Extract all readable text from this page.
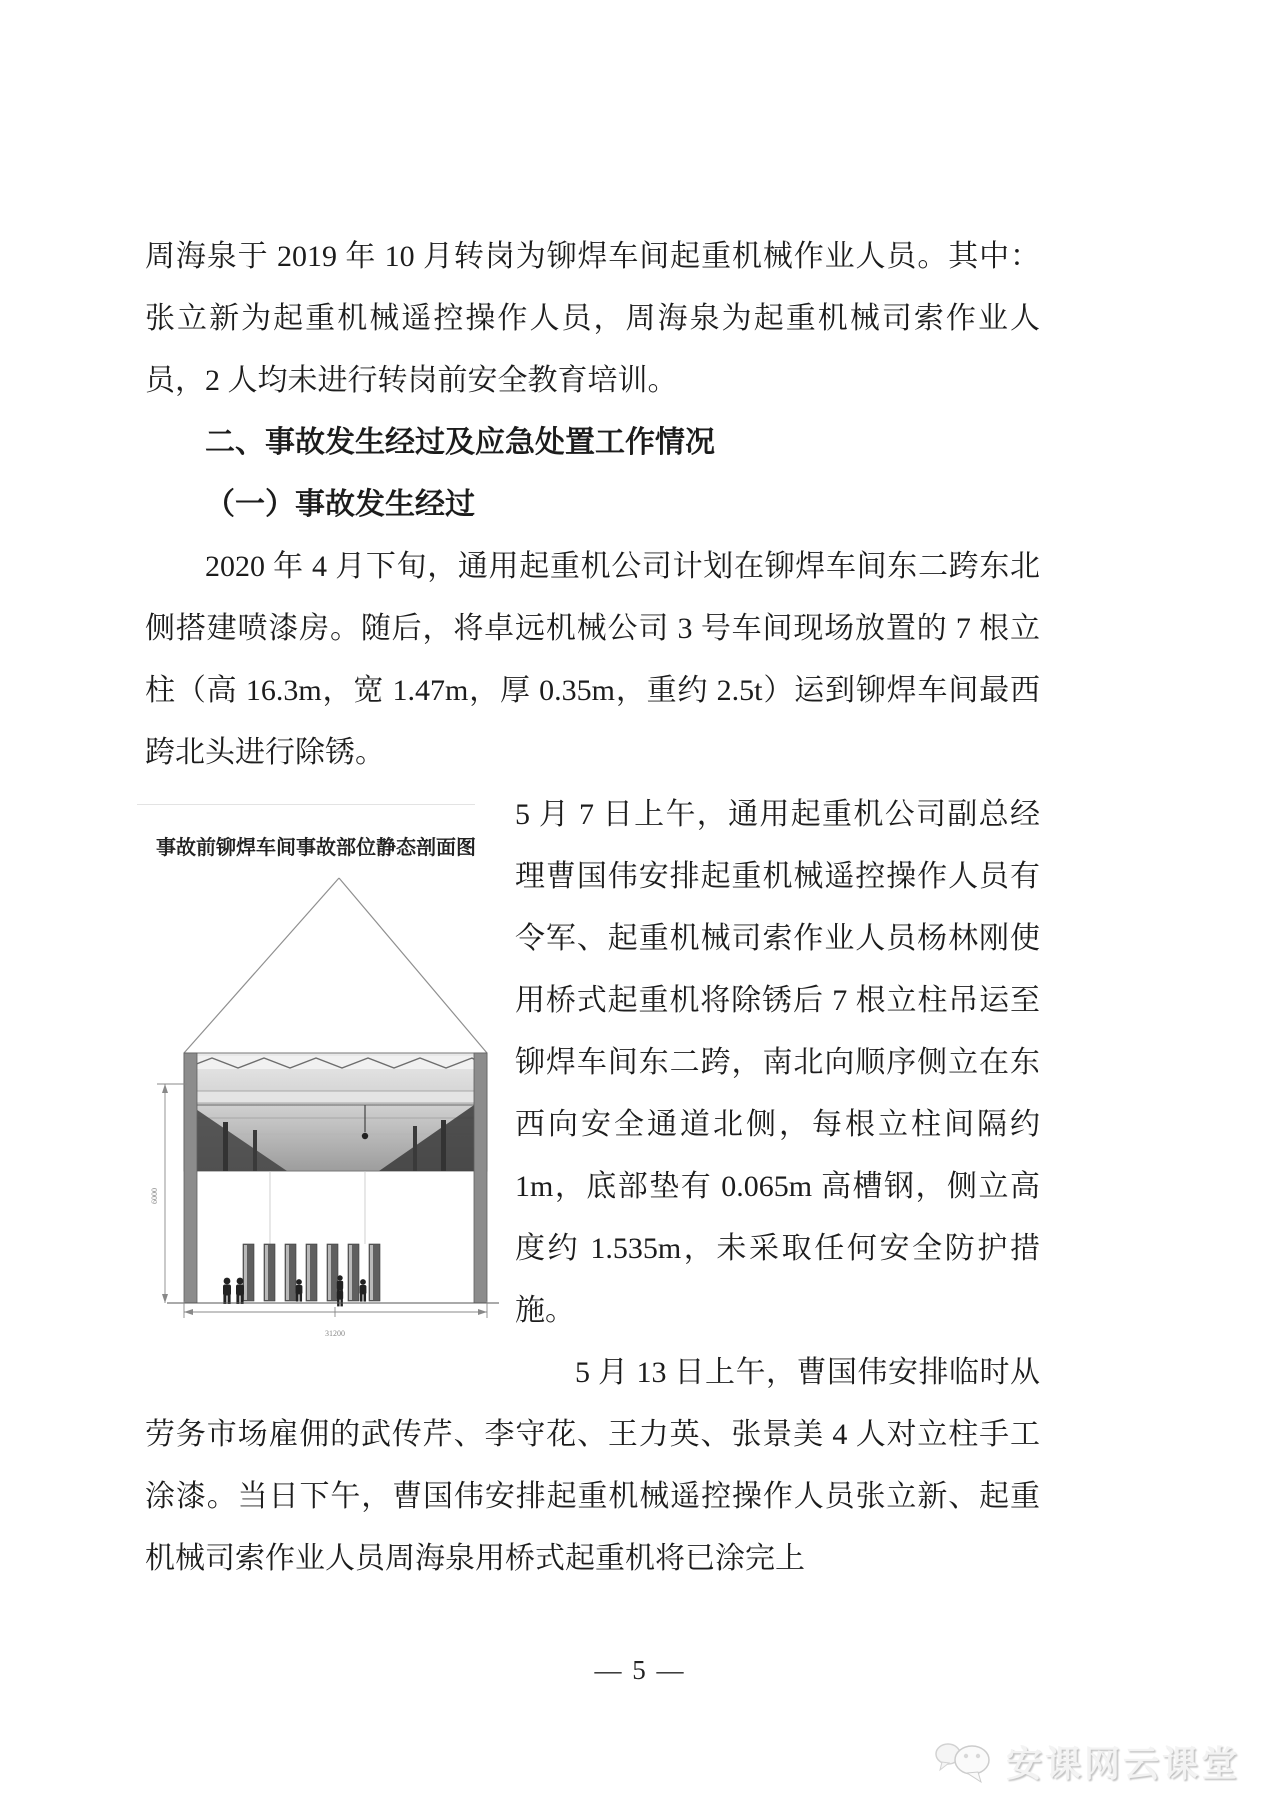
周海泉于 2019 年 10 月转岗为铆焊车间起重机械作业人员。其中：张立新为起重机械遥控操作人员，周海泉为起重机械司索作业人员，2 人均未进行转岗前安全教育培训。

二、事故发生经过及应急处置工作情况

（一）事故发生经过

2020 年 4 月下旬，通用起重机公司计划在铆焊车间东二跨东北侧搭建喷漆房。随后，将卓远机械公司 3 号车间现场放置的 7 根立柱（高 16.3m，宽 1.47m，厚 0.35m，重约 2.5t）运到铆焊车间最西跨北头进行除锈。

6000
31200
事故前铆焊车间事故部位静态剖面图
5 月 7 日上午，通用起重机公司副总经理曹国伟安排起重机械遥控操作人员有令军、起重机械司索作业人员杨林刚使用桥式起重机将除锈后 7 根立柱吊运至铆焊车间东二跨，南北向顺序侧立在东西向安全通道北侧，每根立柱间隔约 1m，底部垫有 0.065m 高槽钢，侧立高度约 1.535m，未采取任何安全防护措施。

5 月 13 日上午，曹国伟安排临时从劳务市场雇佣的武传芹、李守花、王力英、张景美 4 人对立柱手工涂漆。当日下午，曹国伟安排起重机械遥控操作人员张立新、起重机械司索作业人员周海泉用桥式起重机将已涂完上

— 5 —
安课网云课堂
